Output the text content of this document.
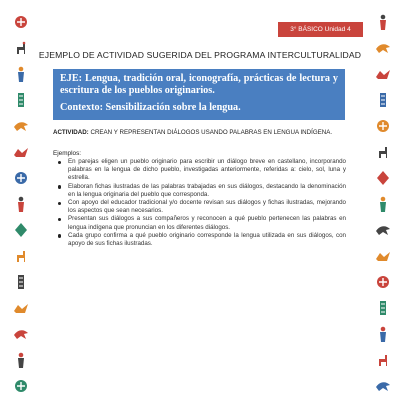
3° BÁSICO Unidad 4
EJEMPLO DE ACTIVIDAD SUGERIDA DEL PROGRAMA INTERCULTURALIDAD
EJE: Lengua, tradición oral, iconografía, prácticas de lectura y escritura de los pueblos originarios.
Contexto: Sensibilización sobre la lengua.
ACTIVIDAD: CREAN Y REPRESENTAN DIÁLOGOS USANDO PALABRAS EN LENGUA INDÍGENA.
Ejemplos:
En parejas eligen un pueblo originario para escribir un diálogo breve en castellano, incorporando palabras en la lengua de dicho pueblo, investigadas anteriormente, referidas a: cielo, sol, luna y estrella.
Elaboran fichas ilustradas de las palabras trabajadas en sus diálogos, destacando la denominación en la lengua originaria del pueblo que corresponda.
Con apoyo del educador tradicional y/o docente revisan sus diálogos y fichas ilustradas, mejorando los aspectos que sean necesarios.
Presentan sus diálogos a sus compañeros y reconocen a qué pueblo pertenecen las palabras en lengua indígena que pronuncian en los diferentes diálogos.
Cada grupo confirma a qué pueblo originario corresponde la lengua utilizada en sus diálogos, con apoyo de sus fichas ilustradas.
